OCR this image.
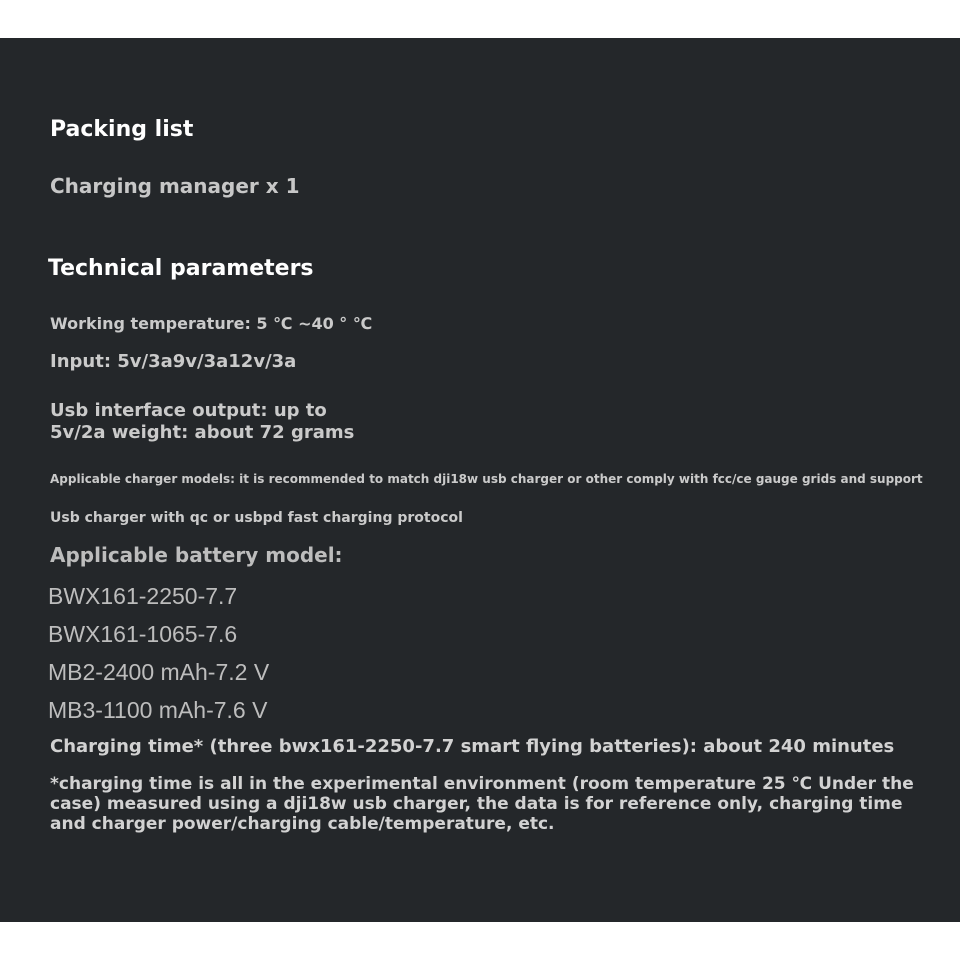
Packing list

Charging manager x 1

Technical parameters

Working temperature: 5 ℃ ~40 ° ℃

Input: 5v/3a9v/3a12v/3a

Usb interface output: up to

5v/2a weight: about 72 grams

Applicable charger models: it is recommended to match dji18w usb charger or other comply with fcc/ce gauge grids and support

Usb charger with qc or usbpd fast charging protocol

Applicable battery model:

BWX161-2250-7.7

BWX161-1065-7.6

MB2-2400 mAh-7.2 V

MB3-1100 mAh-7.6 V

Charging time* (three bwx161-2250-7.7 smart flying batteries): about 240 minutes

*charging time is all in the experimental environment (room temperature 25 ℃ Under the

case) measured using a dji18w usb charger, the data is for reference only, charging time

and charger power/charging cable/temperature, etc.
